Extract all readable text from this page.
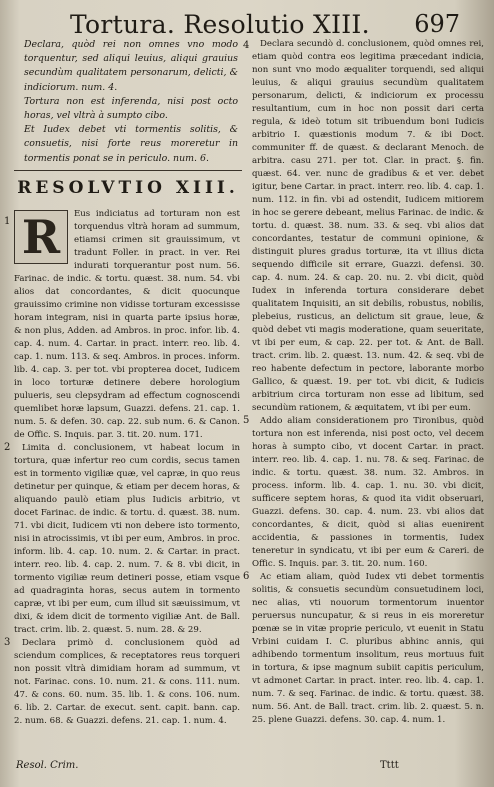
Tortura. Resolutio XIII. 697

Declara, quòd rei non omnes vno modo torquentur, sed aliqui leuius, aliqui grauius secundùm qualitatem personarum, delicti, & indiciorum. num. 4.

Tortura non est inferenda, nisi post octo horas, vel vltrà à sumpto cibo.

Et Iudex debet vti tormentis solitis, & consuetis, nisi forte reus moreretur in tormentis ponat se in periculo. num. 6.

RESOLVTIO XIII.

R	Eus indiciatus ad torturam non est torquendus vltrà horam ad summum, etiamsi crimen sit grauissimum, vt tradunt Foller. in pract. in ver. Rei indurati torquerantur post num. 56. Farinac. de indic. & tortu. quæst. 38. num. 54. vbi alios dat concordantes, & dicit quocunque grauissimo crimine non vidisse torturam excessisse horam integram, nisi in quarta parte ipsius horæ, & non plus, Adden. ad Ambros. in proc. infor. lib. 4. cap. 4. num. 4. Cartar. in pract. interr. reo. lib. 4. cap. 1. num. 113. & seq. Ambros. in proces. inform. lib. 4. cap. 3. per tot. vbi propterea docet, Iudicem in loco torturæ detinere debere horologium pulueris, seu clepsydram ad effectum cognoscendi quemlibet horæ lapsum, Guazzi. defens. 21. cap. 1. num. 5. & defen. 30. cap. 22. sub num. 6. & Canon. de Offic. S. Inquis. par. 3. tit. 20. num. 171.

Limita d. conclusionem, vt habeat locum in tortura, quæ infertur reo cum cordis, secus tamen est in tormento vigiliæ quæ, vel capræ, in quo reus detinetur per quinque, & etiam per decem horas, & aliquando paulò etiam plus Iudicis arbitrio, vt docet Farinac. de indic. & tortu. d. quæst. 38. num. 71. vbi dicit, Iudicem vti non debere isto tormento, nisi in atrocissimis, vt ibi per eum, Ambros. in proc. inform. lib. 4. cap. 10. num. 2. & Cartar. in pract. interr. reo. lib. 4. cap. 2. num. 7. & 8. vbi dicit, in tormento vigiliæ reum detineri posse, etiam vsque ad quadraginta horas, secus autem in tormento capræ, vt ibi per eum, cum illud sit sæuissimum, vt dixi, & idem dicit de tormento vigiliæ Ant. de Ball. tract. crim. lib. 2. quæst. 5. num. 28. & 29.

Declara primò d. conclusionem quòd ad sciendum complices, & receptatores reus torqueri non possit vltrà dimidiam horam ad summum, vt not. Farinac. cons. 10. num. 21. & cons. 111. num. 47. & cons. 60. num. 35. lib. 1. & cons. 106. num. 6. lib. 2. Cartar. de execut. sent. capit. bann. cap. 2. num. 68. & Guazzi. defens. 21. cap. 1. num. 4.

1

Declara secundò d. conclusionem, quòd omnes rei, etiam quòd contra eos legitima præcedant indicia, non sunt vno modo æqualiter torquendi, sed aliqui leuius, & aliqui grauius secundùm qualitatem personarum, delicti, & indiciorum ex processu resultantium, cum in hoc non possit dari certa regula, & ideò totum sit tribuendum boni Iudicis arbitrio I. quæstionis modum 7. & ibi Doct. communiter ff. de quæst. & declarant Menoch. de arbitra. casu 271. per tot. Clar. in pract. §. fin. quæst. 64. ver. nunc de gradibus & et ver. debet igitur, bene Cartar. in pract. interr. reo. lib. 4. cap. 1. num. 112. in fin. vbi ad ostendit, Iudicem mitiorem in hoc se gerere debeant, melius Farinac. de indic. & tortu. d. quæst. 38. num. 33. & seq. vbi alios dat concordantes, testatur de communi opinione, & distinguit plures gradus torturæ, ita vt illius dicta sequendo difficile sit errare, Guazzi. defensi. 30. cap. 4. num. 24. & cap. 20. nu. 2. vbi dicit, quòd Iudex in inferenda tortura considerare debet qualitatem Inquisiti, an sit debilis, robustus, nobilis, plebeius, rusticus, an delictum sit graue, leue, & quòd debet vti magis moderatione, quam seueritate, vt ibi per eum, & cap. 22. per tot. & Ant. de Ball. tract. crim. lib. 2. quæst. 13. num. 42. & seq. vbi de reo habente defectum in pectore, laborante morbo Gallico, & quæst. 19. per tot. vbi dicit, & Iudicis arbitrium circa torturam non esse ad libitum, sed secundùm rationem, & æquitatem, vt ibi per eum.

Addo aliam considerationem pro Tironibus, quòd tortura non est inferenda, nisi post octo, vel decem horas à sumpto cibo, vt docent Cartar. in pract. interr. reo. lib. 4. cap. 1. nu. 78. & seq. Farinac. de indic. & tortu. quæst. 38. num. 32. Ambros. in process. inform. lib. 4. cap. 1. nu. 30. vbi dicit, sufficere septem horas, & quod ita vidit obseruari, Guazzi. defens. 30. cap. 4. num. 23. vbi alios dat concordantes, & dicit, quòd si alias euenirent accidentia, & passiones in tormentis, Iudex teneretur in syndicatu, vt ibi per eum & Careri. de Offic. S. Inquis. par. 3. tit. 20. num. 160.

Ac etiam aliam, quòd Iudex vti debet tormentis solitis, & consuetis secundùm consuetudinem loci, nec alias, vti nouorum tormentorum inuentor peruersus nuncupatur, & si reus in eis moreretur pœnæ se in vitæ proprie periculo, vt euenit in Statu Vrbini cuidam I. C. pluribus abhinc annis, qui adhibendo tormentum insolitum, reus mortuus fuit in tortura, & ipse magnum subiit capitis periculum, vt admonet Cartar. in pract. inter. reo. lib. 4. cap. 1. num. 7. & seq. Farinac. de indic. & tortu. quæst. 38. num. 56. Ant. de Ball. tract. crim. lib. 2. quæst. 5. n. 25. plene Guazzi. defens. 30. cap. 4. num. 1.

4
Resol. Crim.	Tttt
2
3
5
6
